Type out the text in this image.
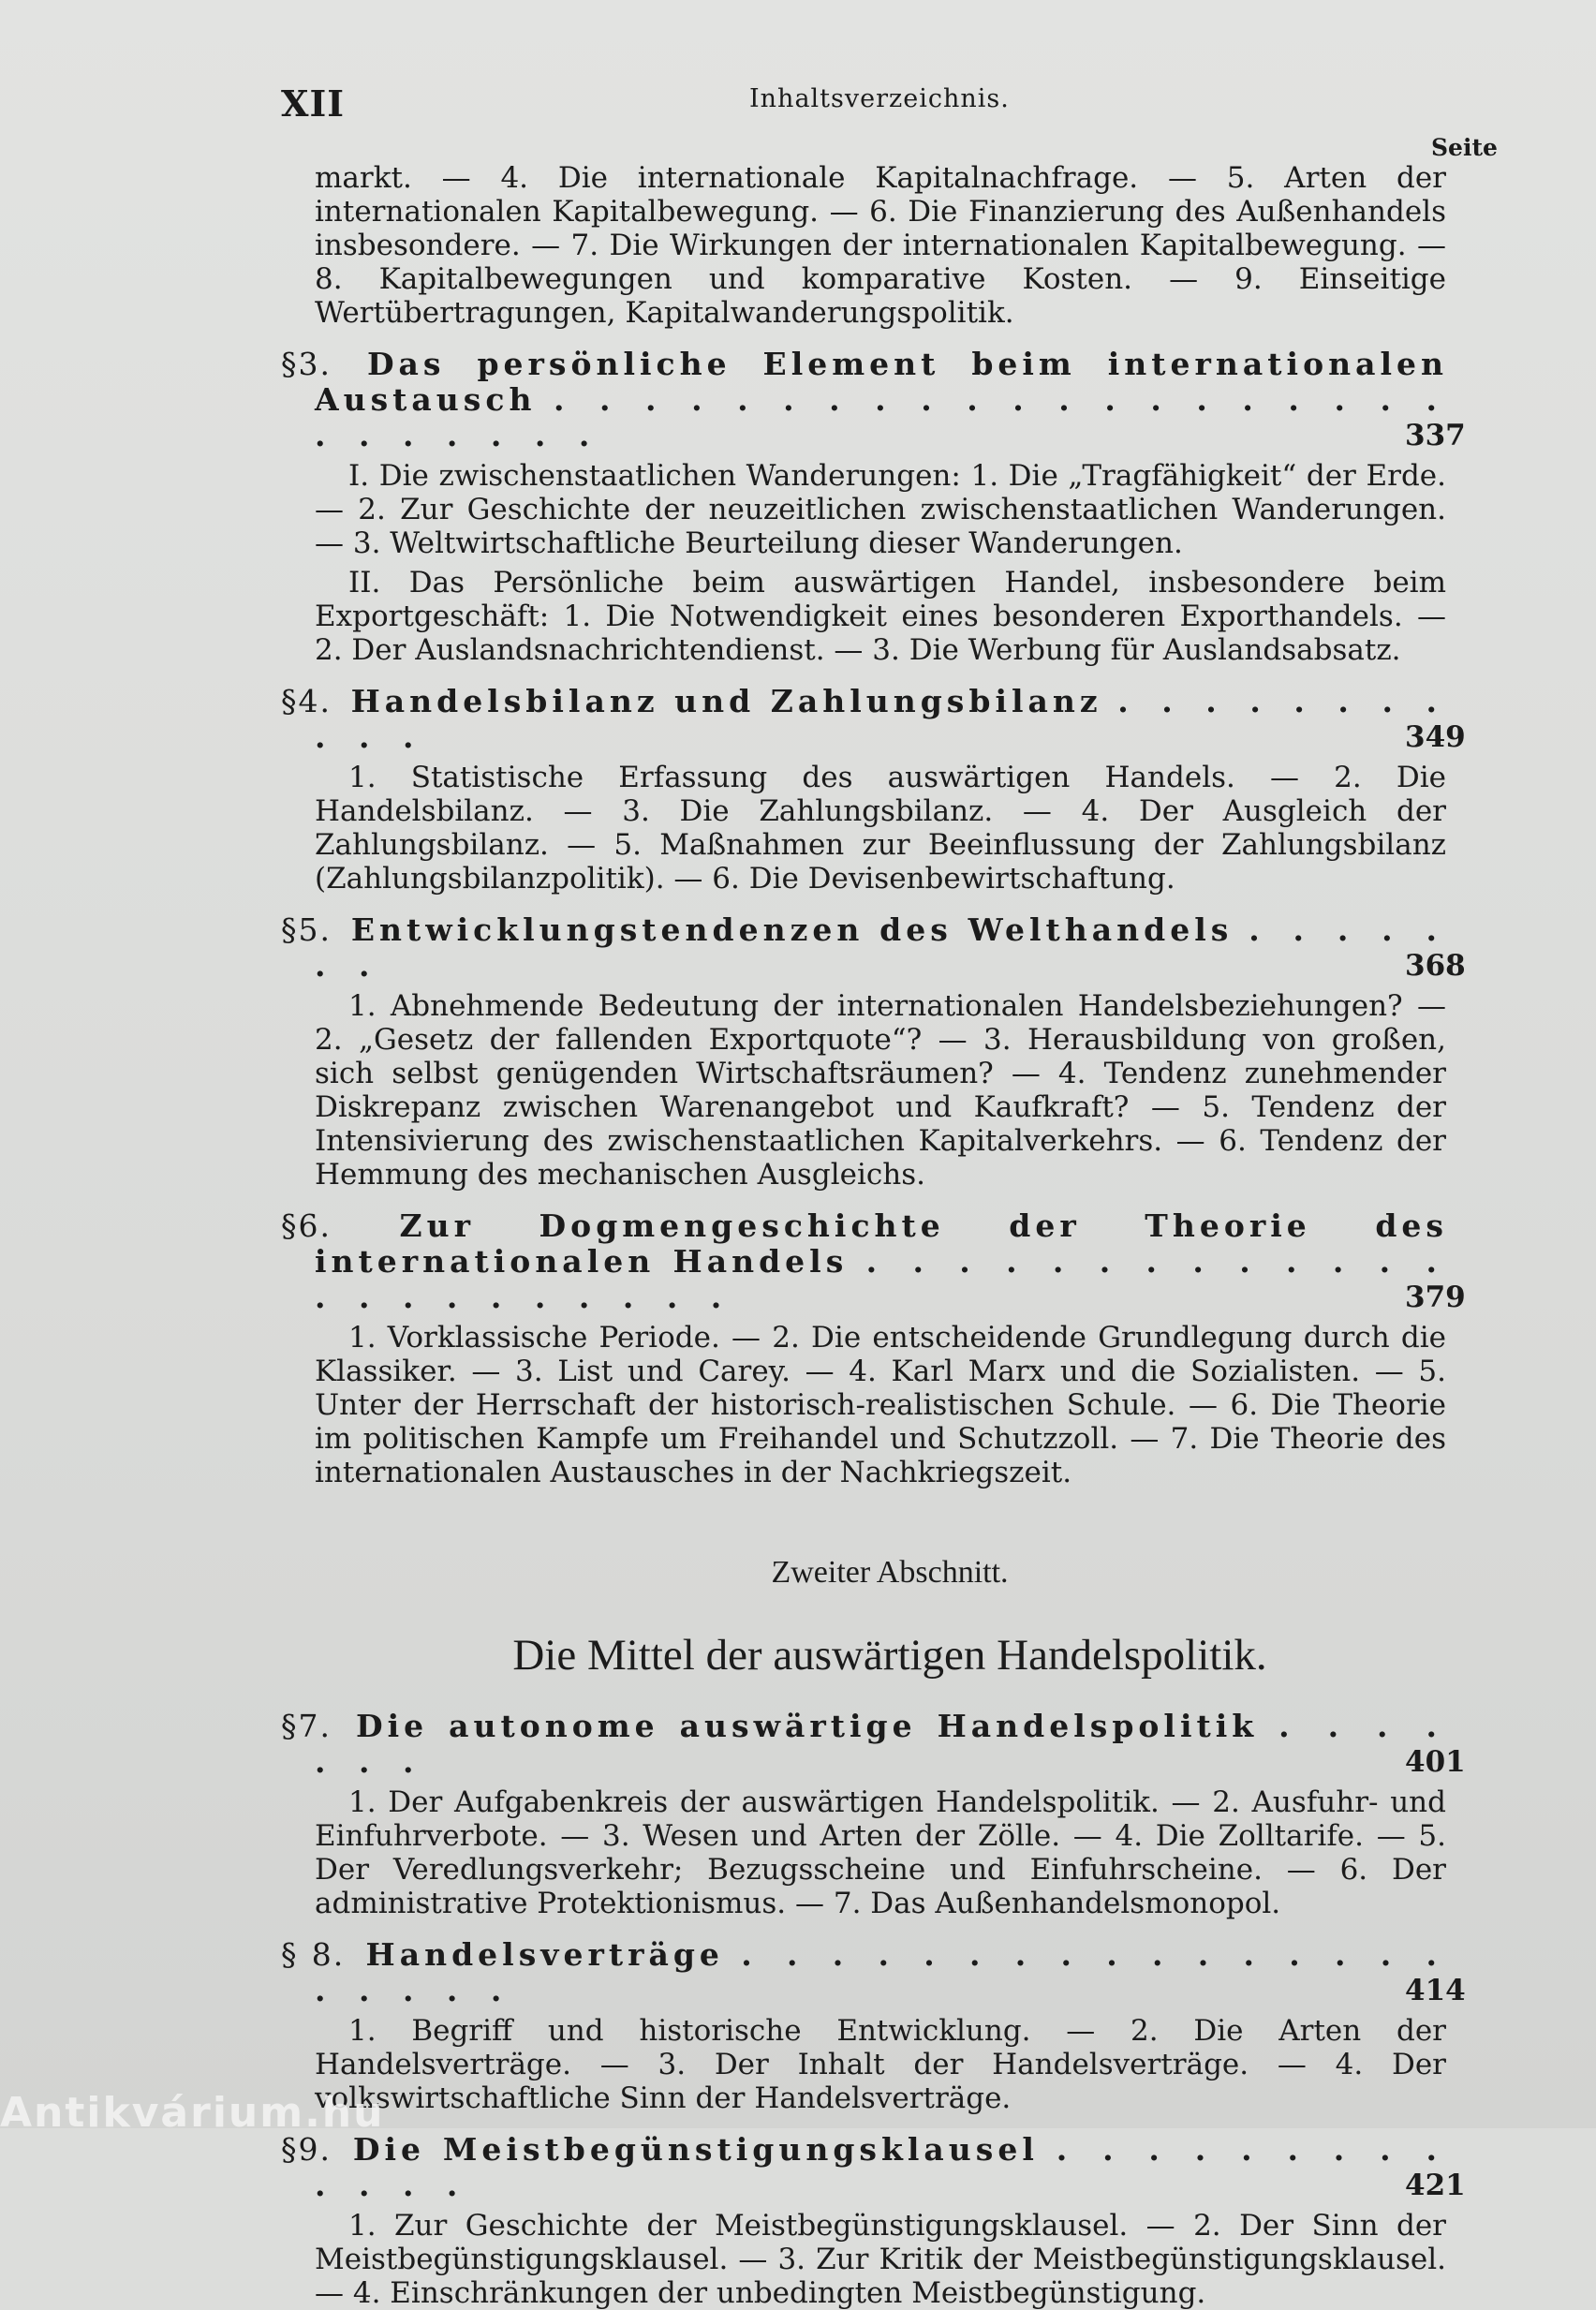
XII	Inhaltsverzeichnis.
Seite
markt. — 4. Die internationale Kapitalnachfrage. — 5. Arten der internationalen Kapitalbewegung. — 6. Die Finanzierung des Außenhandels insbesondere. — 7. Die Wirkungen der internationalen Kapitalbewegung. — 8. Kapitalbewegungen und komparative Kosten. — 9. Einseitige Wertübertragungen, Kapitalwanderungspolitik.
§3. Das persönliche Element beim internationalen Austausch . . . . . . . . . . . . . . . . . . . . . . . . . . .	337
I. Die zwischenstaatlichen Wanderungen: 1. Die „Tragfähigkeit“ der Erde. — 2. Zur Geschichte der neuzeitlichen zwischenstaatlichen Wanderungen. — 3. Weltwirtschaftliche Beurteilung dieser Wanderungen.
II. Das Persönliche beim auswärtigen Handel, insbesondere beim Exportgeschäft: 1. Die Notwendigkeit eines besonderen Exporthandels. — 2. Der Auslandsnachrichtendienst. — 3. Die Werbung für Auslandsabsatz.
§4. Handelsbilanz und Zahlungsbilanz . . . . . . . . . . .	349
1. Statistische Erfassung des auswärtigen Handels. — 2. Die Handelsbilanz. — 3. Die Zahlungsbilanz. — 4. Der Ausgleich der Zahlungsbilanz. — 5. Maßnahmen zur Beeinflussung der Zahlungsbilanz (Zahlungsbilanzpolitik). — 6. Die Devisenbewirtschaftung.
§5. Entwicklungstendenzen des Welthandels . . . . . . .	368
1. Abnehmende Bedeutung der internationalen Handelsbeziehungen? — 2. „Gesetz der fallenden Exportquote“? — 3. Herausbildung von großen, sich selbst genügenden Wirtschaftsräumen? — 4. Tendenz zunehmender Diskrepanz zwischen Warenangebot und Kaufkraft? — 5. Tendenz der Intensivierung des zwischenstaatlichen Kapitalverkehrs. — 6. Tendenz der Hemmung des mechanischen Ausgleichs.
§6. Zur Dogmengeschichte der Theorie des internationalen Handels . . . . . . . . . . . . . . . . . . . . . . .	379
1. Vorklassische Periode. — 2. Die entscheidende Grundlegung durch die Klassiker. — 3. List und Carey. — 4. Karl Marx und die Sozialisten. — 5. Unter der Herrschaft der historisch-realistischen Schule. — 6. Die Theorie im politischen Kampfe um Freihandel und Schutzzoll. — 7. Die Theorie des internationalen Austausches in der Nachkriegszeit.
Zweiter Abschnitt.
Die Mittel der auswärtigen Handelspolitik.
§7. Die autonome auswärtige Handelspolitik . . . . . . .	401
1. Der Aufgabenkreis der auswärtigen Handelspolitik. — 2. Ausfuhr- und Einfuhrverbote. — 3. Wesen und Arten der Zölle. — 4. Die Zolltarife. — 5. Der Veredlungsverkehr; Bezugsscheine und Einfuhrscheine. — 6. Der administrative Protektionismus. — 7. Das Außenhandelsmonopol.
§ 8. Handelsverträge . . . . . . . . . . . . . . . . . . . . .	414
1. Begriff und historische Entwicklung. — 2. Die Arten der Handelsverträge. — 3. Der Inhalt der Handelsverträge. — 4. Der volkswirtschaftliche Sinn der Handelsverträge.
§9. Die Meistbegünstigungsklausel . . . . . . . . . . . . .	421
1. Zur Geschichte der Meistbegünstigungsklausel. — 2. Der Sinn der Meistbegünstigungsklausel. — 3. Zur Kritik der Meistbegünstigungsklausel. — 4. Einschränkungen der unbedingten Meistbegünstigung.
Antikvárium.hu
